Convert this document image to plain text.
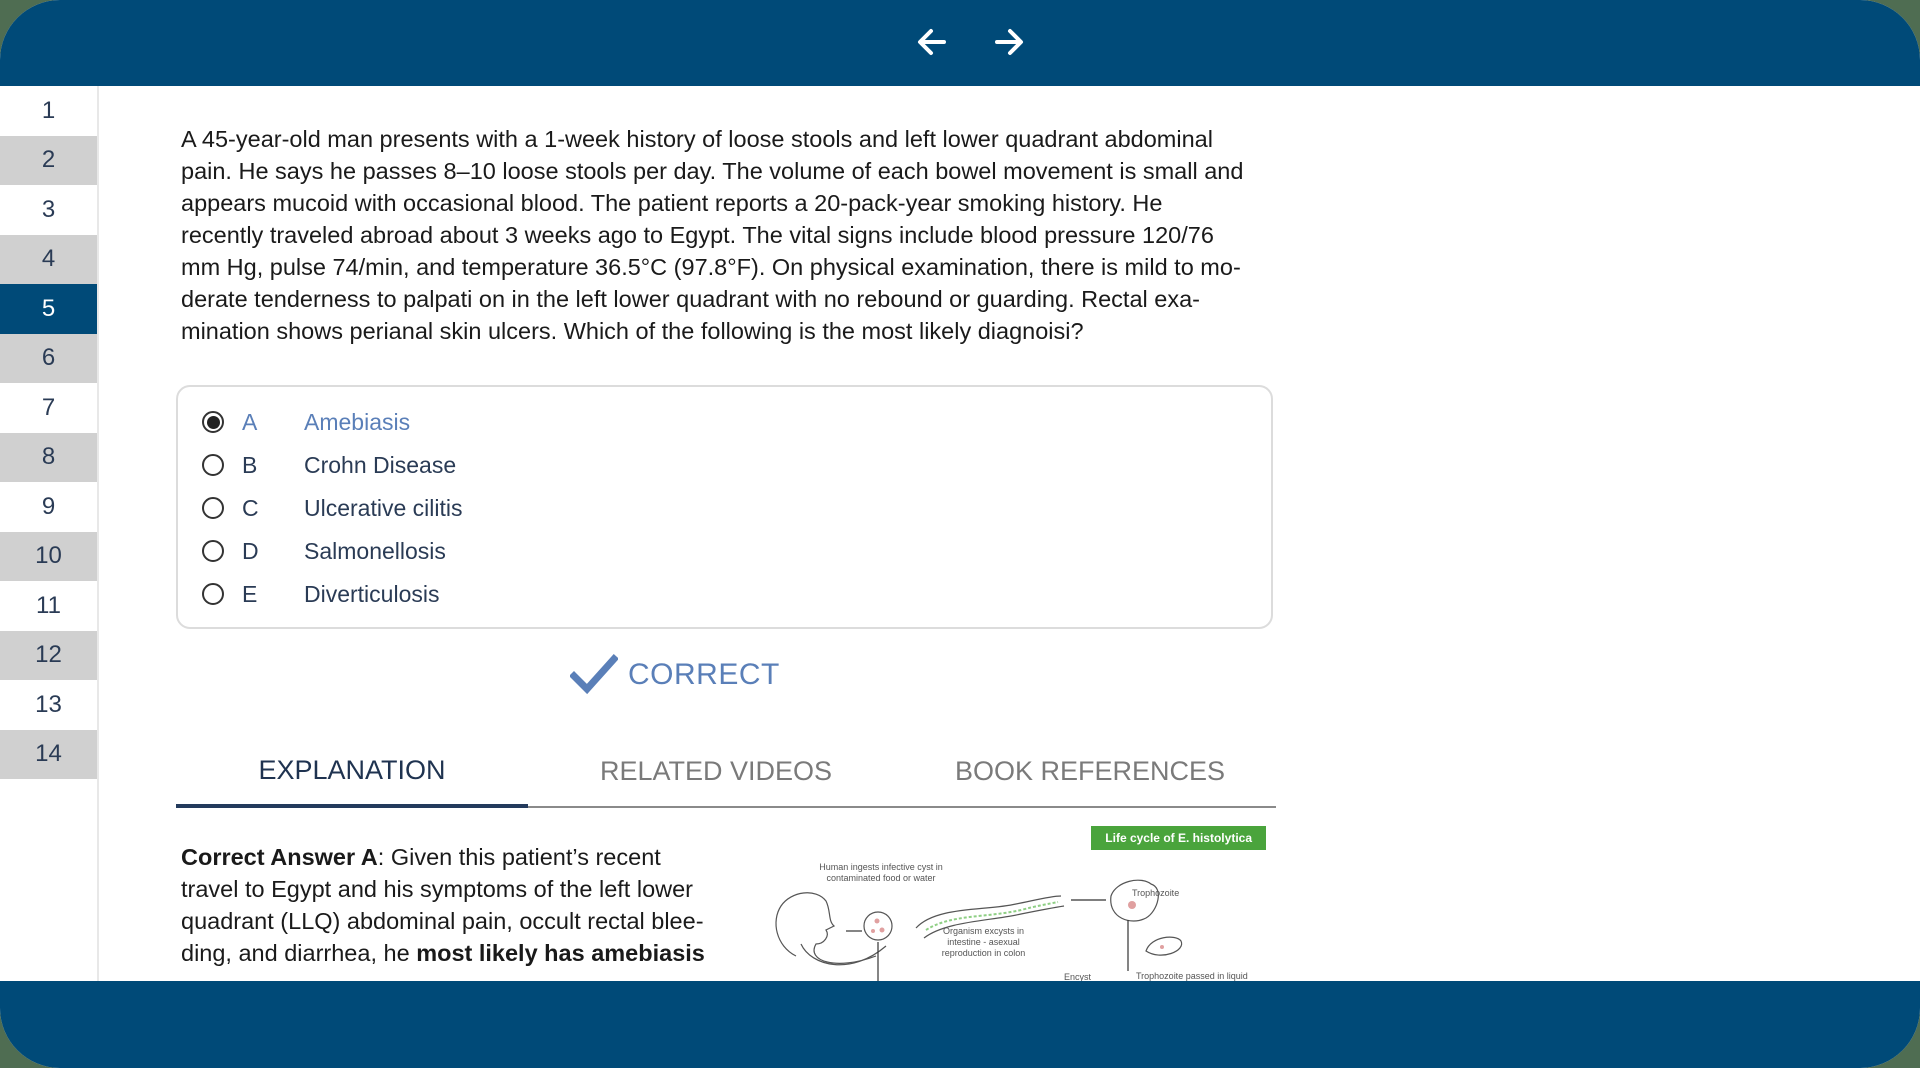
1
2
3
4
5
6
7
8
9
10
11
12
13
14

A 45-year-old man presents with a 1-week history of loose stools and left lower quadrant abdominal

pain. He says he passes 8–10 loose stools per day. The volume of each bowel movement is small and

appears mucoid with occasional blood. The patient reports a 20-pack-year smoking history. He

recently traveled abroad about 3 weeks ago to Egypt. The vital signs include blood pressure 120/76

mm Hg, pulse 74/min, and temperature 36.5°C (97.8°F). On physical examination, there is mild to mo-

derate tenderness to palpati on in the left lower quadrant with no rebound or guarding. Rectal exa-

mination shows perianal skin ulcers. Which of the following is the most likely diagnoisi?

A	Amebiasis
B	Crohn Disease
C	Ulcerative cilitis
D	Salmonellosis
E	Diverticulosis
CORRECT
EXPLANATION	RELATED VIDEOS	BOOK REFERENCES

Correct Answer A: Given this patient’s recent

travel to Egypt and his symptoms of the left lower

quadrant (LLQ) abdominal pain, occult rectal blee-

ding, and diarrhea, he most likely has amebiasis

Life cycle of E. histolytica
Human ingests infective cyst in contaminated food or water
Organism excysts in intestine - asexual reproduction in colon
Trophozoite
Encyst	Trophozoite passed in liquid
